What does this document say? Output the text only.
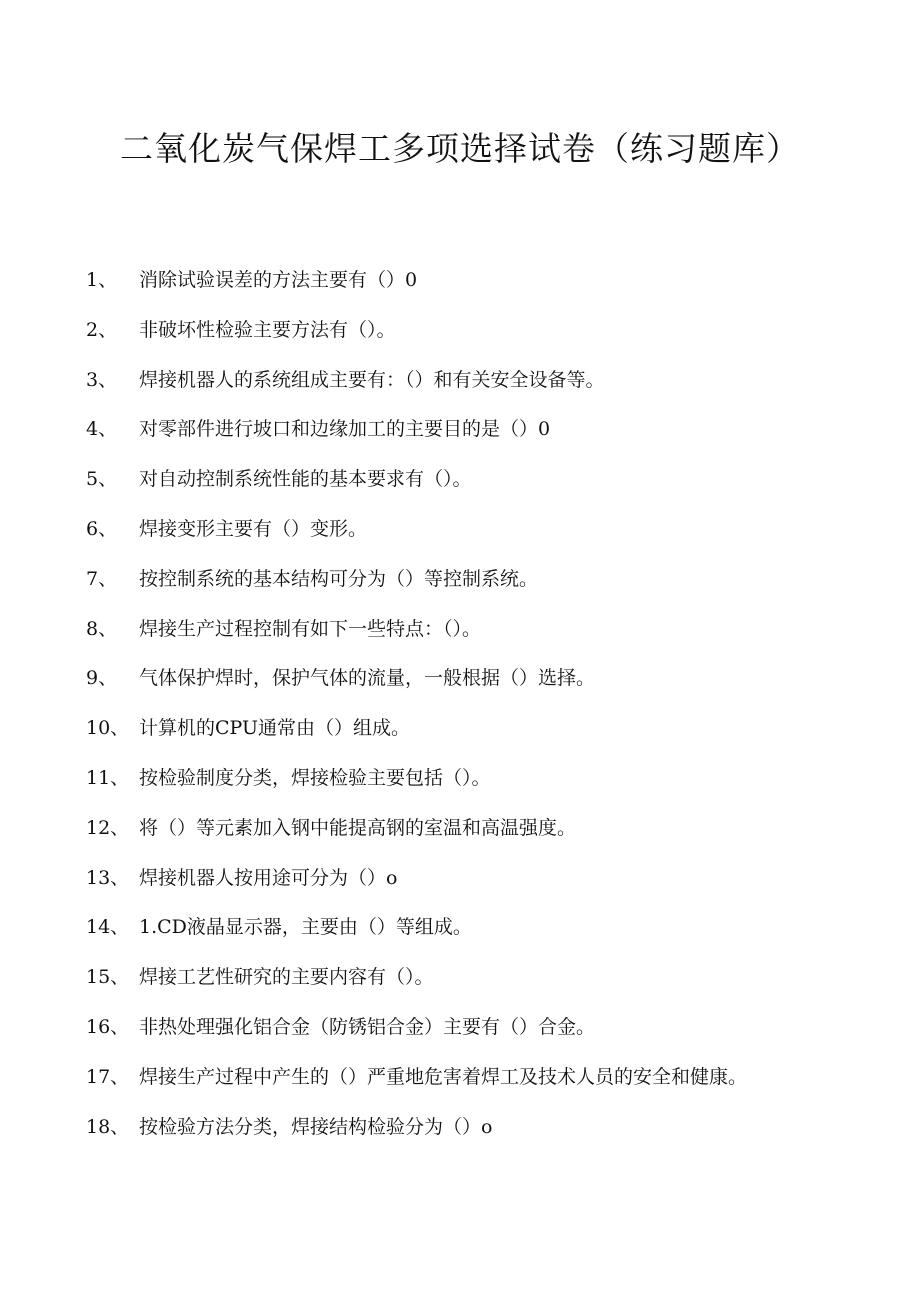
二氧化炭气保焊工多项选择试卷（练习题库）
1、 消除试验误差的方法主要有（）0
2、 非破坏性检验主要方法有（）。
3、 焊接机器人的系统组成主要有：（）和有关安全设备等。
4、 对零部件进行坡口和边缘加工的主要目的是（）0
5、 对自动控制系统性能的基本要求有（）。
6、 焊接变形主要有（）变形。
7、 按控制系统的基本结构可分为（）等控制系统。
8、 焊接生产过程控制有如下一些特点：（）。
9、 气体保护焊时，保护气体的流量，一般根据（）选择。
10、 计算机的CPU通常由（）组成。
11、 按检验制度分类，焊接检验主要包括（）。
12、 将（）等元素加入钢中能提高钢的室温和高温强度。
13、 焊接机器人按用途可分为（）o
14、 1.CD液晶显示器，主要由（）等组成。
15、 焊接工艺性研究的主要内容有（）。
16、 非热处理强化铝合金（防锈铝合金）主要有（）合金。
17、 焊接生产过程中产生的（）严重地危害着焊工及技术人员的安全和健康。
18、 按检验方法分类，焊接结构检验分为（）o
